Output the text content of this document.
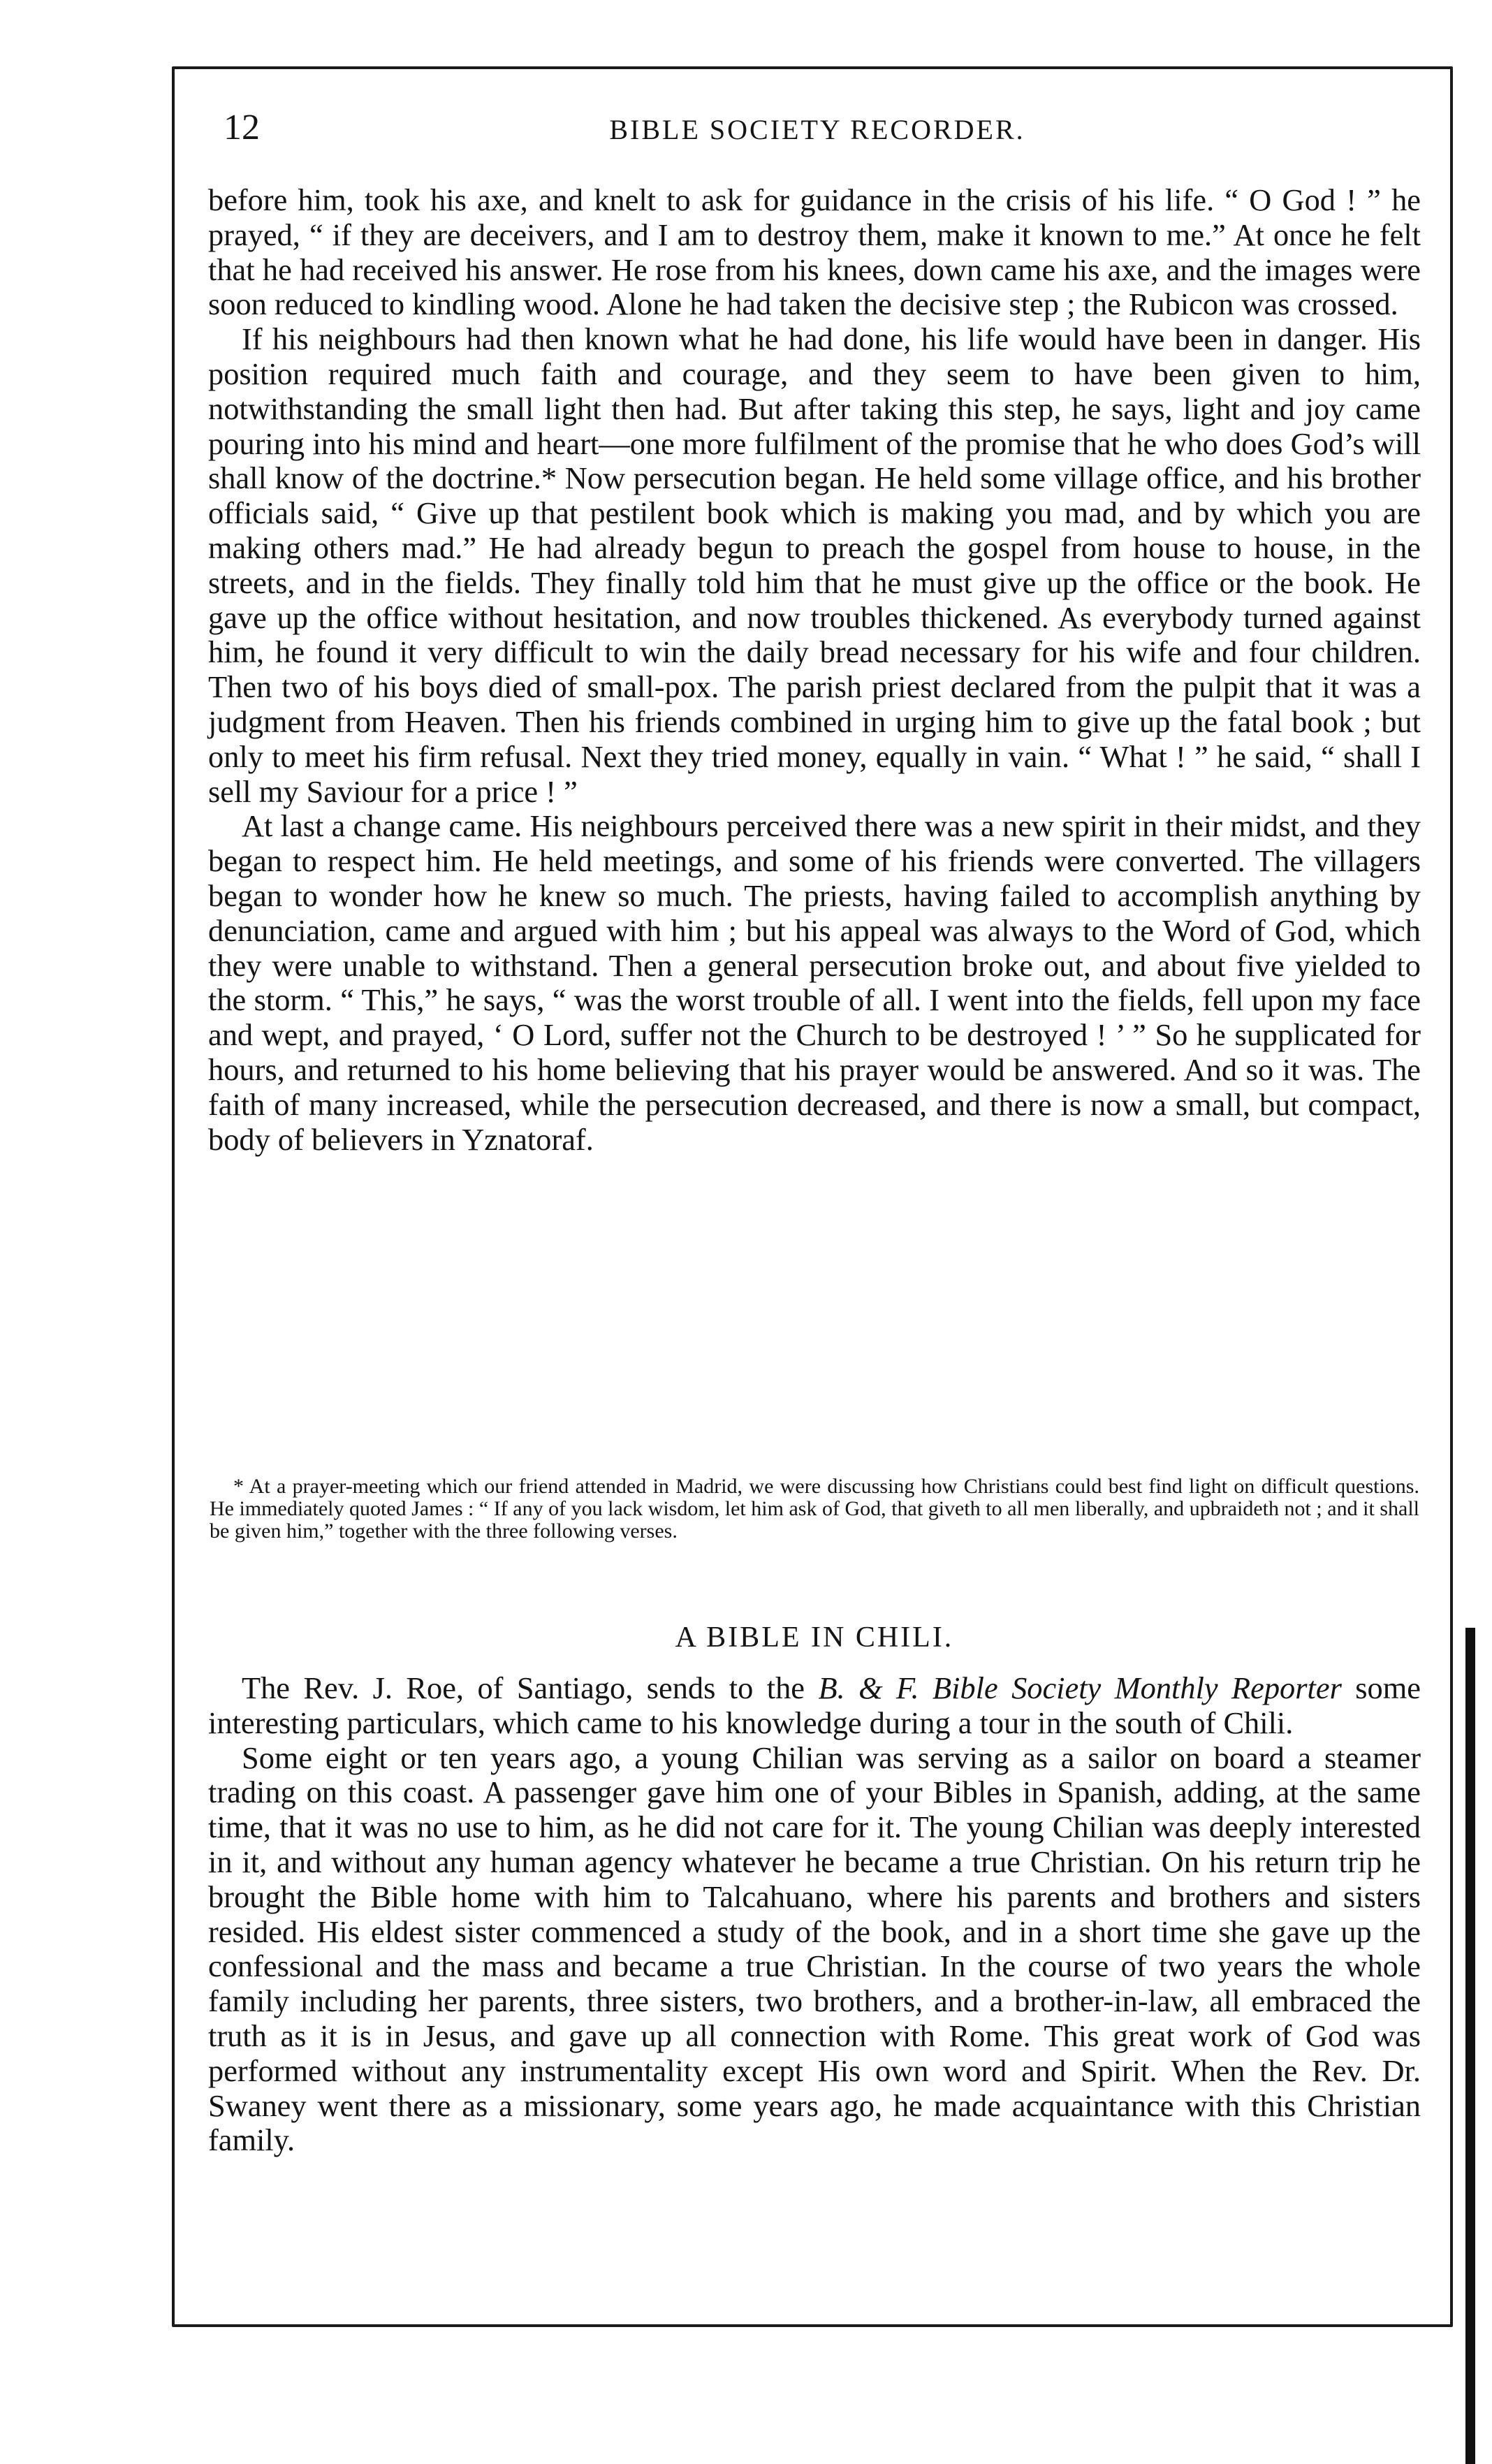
12	BIBLE SOCIETY RECORDER.

before him, took his axe, and knelt to ask for guidance in the crisis of his life. “ O God ! ” he prayed, “ if they are deceivers, and I am to destroy them, make it known to me.” At once he felt that he had received his answer. He rose from his knees, down came his axe, and the images were soon reduced to kindling wood. Alone he had taken the decisive step ; the Rubicon was crossed.

If his neighbours had then known what he had done, his life would have been in danger. His position required much faith and courage, and they seem to have been given to him, notwithstanding the small light then had. But after taking this step, he says, light and joy came pouring into his mind and heart—one more fulfilment of the promise that he who does God’s will shall know of the doctrine.* Now persecution began. He held some village office, and his brother officials said, “ Give up that pestilent book which is making you mad, and by which you are making others mad.” He had already begun to preach the gospel from house to house, in the streets, and in the fields. They finally told him that he must give up the office or the book. He gave up the office without hesitation, and now troubles thickened. As everybody turned against him, he found it very difficult to win the daily bread necessary for his wife and four children. Then two of his boys died of small-pox. The parish priest declared from the pulpit that it was a judgment from Heaven. Then his friends combined in urging him to give up the fatal book ; but only to meet his firm refusal. Next they tried money, equally in vain. “ What ! ” he said, “ shall I sell my Saviour for a price ! ”

At last a change came. His neighbours perceived there was a new spirit in their midst, and they began to respect him. He held meetings, and some of his friends were converted. The villagers began to wonder how he knew so much. The priests, having failed to accomplish anything by denunciation, came and argued with him ; but his appeal was always to the Word of God, which they were unable to withstand. Then a general persecution broke out, and about five yielded to the storm. “ This,” he says, “ was the worst trouble of all. I went into the fields, fell upon my face and wept, and prayed, ‘ O Lord, suffer not the Church to be destroyed ! ’ ” So he supplicated for hours, and returned to his home believing that his prayer would be answered. And so it was. The faith of many increased, while the persecution decreased, and there is now a small, but compact, body of believers in Yznatoraf.

* At a prayer-meeting which our friend attended in Madrid, we were discussing how Christians could best find light on difficult questions. He immediately quoted James : “ If any of you lack wisdom, let him ask of God, that giveth to all men liberally, and upbraideth not ; and it shall be given him,” together with the three following verses.

A BIBLE IN CHILI.

The Rev. J. Roe, of Santiago, sends to the B. & F. Bible Society Monthly Reporter some interesting particulars, which came to his knowledge during a tour in the south of Chili.

Some eight or ten years ago, a young Chilian was serving as a sailor on board a steamer trading on this coast. A passenger gave him one of your Bibles in Spanish, adding, at the same time, that it was no use to him, as he did not care for it. The young Chilian was deeply interested in it, and without any human agency whatever he became a true Christian. On his return trip he brought the Bible home with him to Talcahuano, where his parents and brothers and sisters resided. His eldest sister commenced a study of the book, and in a short time she gave up the confessional and the mass and became a true Christian. In the course of two years the whole family including her parents, three sisters, two brothers, and a brother-in-law, all embraced the truth as it is in Jesus, and gave up all connection with Rome. This great work of God was performed without any instrumentality except His own word and Spirit. When the Rev. Dr. Swaney went there as a missionary, some years ago, he made acquaintance with this Christian family.
